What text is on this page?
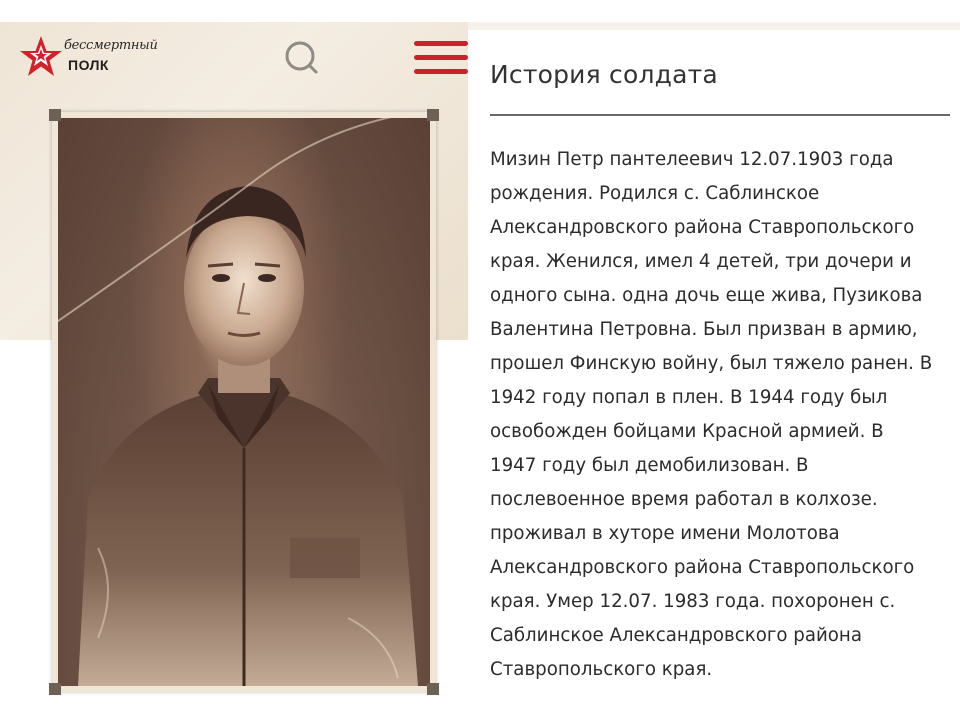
бессмертный
ПОЛК	История солдата
Мизин Петр пантелеевич 12.07.1903 года
рождения. Родился с. Саблинское
Александровского района Ставропольского
края. Женился, имел 4 детей, три дочери и
одного сына. одна дочь еще жива, Пузикова
Валентина Петровна. Был призван в армию,
прошел Финскую войну, был тяжело ранен. В
1942 году попал в плен. В 1944 году был
освобожден бойцами Красной армией. В
1947 году был демобилизован. В
послевоенное время работал в колхозе.
проживал в хуторе имени Молотова
Александровского района Ставропольского
края. Умер 12.07. 1983 года. похоронен с.
Саблинское Александровского района
Ставропольского края.
